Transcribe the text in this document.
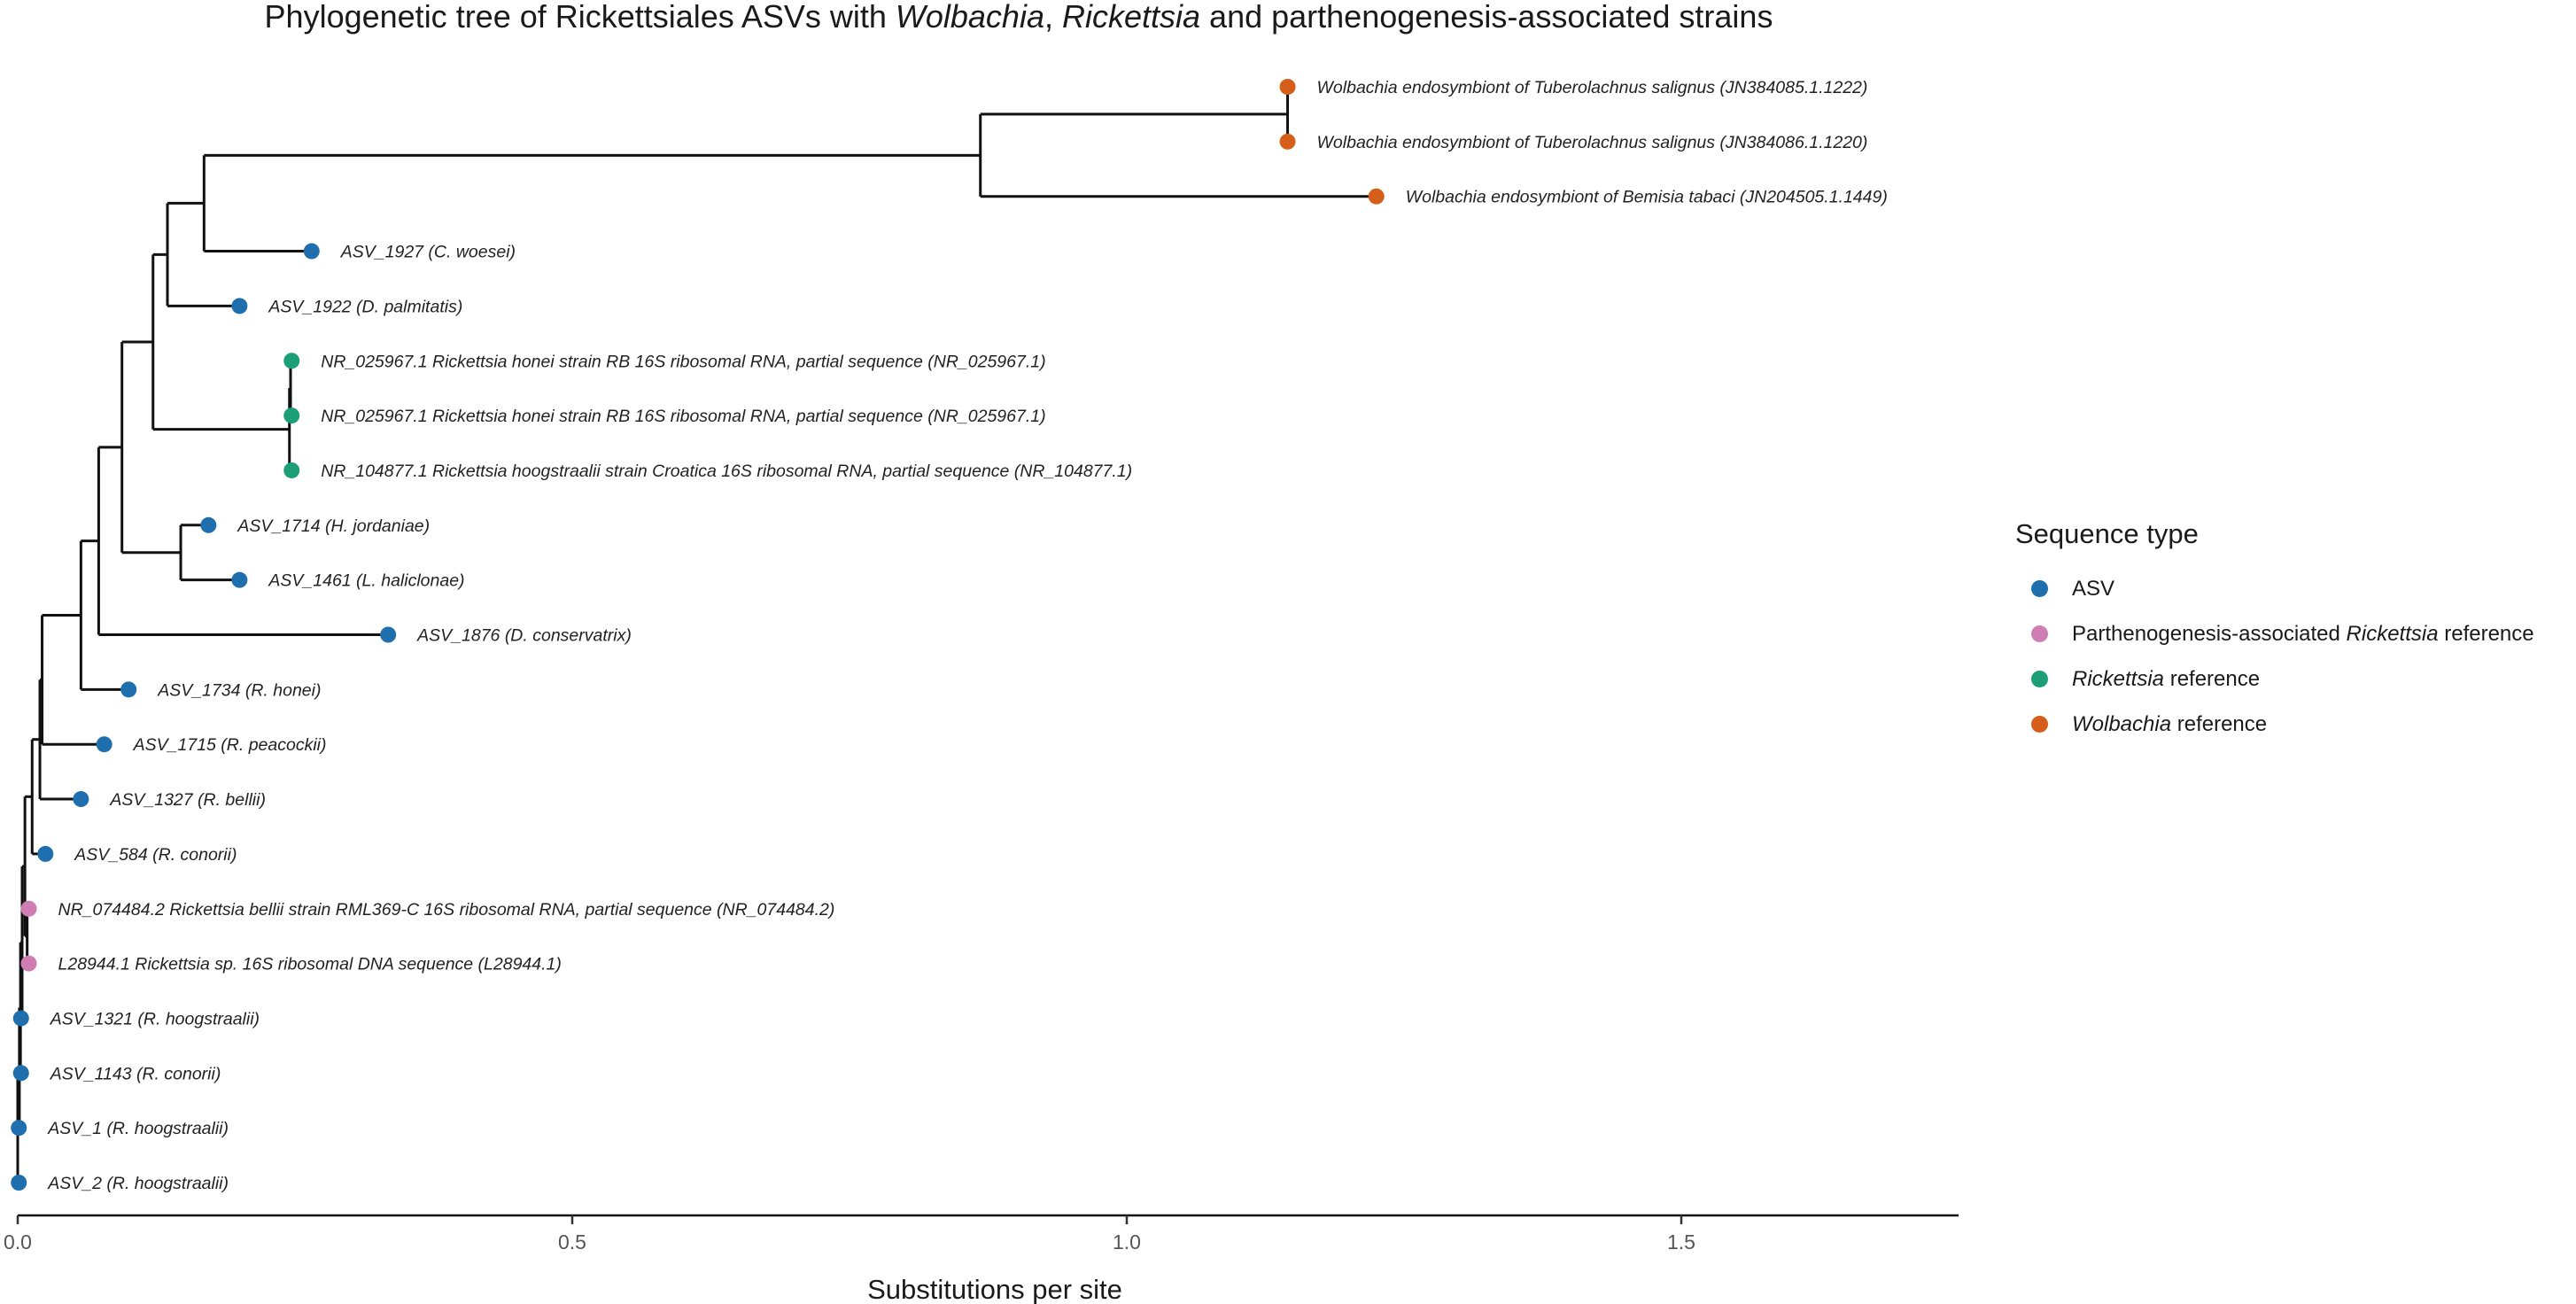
Phylogenetic tree of Rickettsiales ASVs with Wolbachia, Rickettsia and parthenogenesis-associated strains
Wolbachia endosymbiont of Tuberolachnus salignus (JN384085.1.1222)
Wolbachia endosymbiont of Tuberolachnus salignus (JN384086.1.1220)
Wolbachia endosymbiont of Bemisia tabaci (JN204505.1.1449)
ASV_1927 (C. woesei)
ASV_1922 (D. palmitatis)
NR_025967.1 Rickettsia honei strain RB 16S ribosomal RNA, partial sequence (NR_025967.1)
NR_025967.1 Rickettsia honei strain RB 16S ribosomal RNA, partial sequence (NR_025967.1)
NR_104877.1 Rickettsia hoogstraalii strain Croatica 16S ribosomal RNA, partial sequence (NR_104877.1)
ASV_1714 (H. jordaniae)
ASV_1461 (L. haliclonae)
ASV_1876 (D. conservatrix)
ASV_1734 (R. honei)
ASV_1715 (R. peacockii)
ASV_1327 (R. bellii)
ASV_584 (R. conorii)
NR_074484.2 Rickettsia bellii strain RML369-C 16S ribosomal RNA, partial sequence (NR_074484.2)
L28944.1 Rickettsia sp. 16S ribosomal DNA sequence (L28944.1)
ASV_1321 (R. hoogstraalii)
ASV_1143 (R. conorii)
ASV_1 (R. hoogstraalii)
ASV_2 (R. hoogstraalii)
0.0	0.5	1.0	1.5
Substitutions per site
Sequence type
ASV
Parthenogenesis-associated Rickettsia reference
Rickettsia reference
Wolbachia reference
